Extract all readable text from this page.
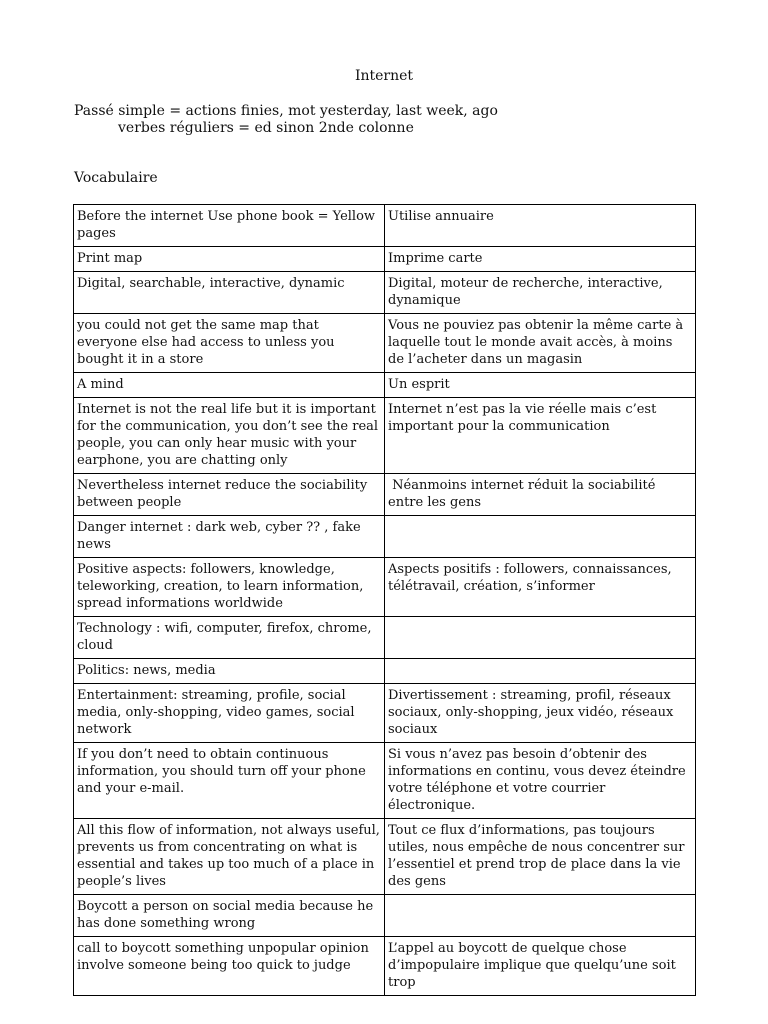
Internet
Passé simple = actions finies, mot yesterday, last week, ago
verbes réguliers = ed sinon 2nde colonne
Vocabulaire
Before the internet Use phone book = Yellow pages	Utilise annuaire
Print map	Imprime carte
Digital, searchable, interactive, dynamic	Digital, moteur de recherche, interactive, dynamique
you could not get the same map that everyone else had access to unless you bought it in a store	Vous ne pouviez pas obtenir la même carte à laquelle tout le monde avait accès, à moins de l’acheter dans un magasin
A mind	Un esprit
Internet is not the real life but it is important for the communication, you don’t see the real people, you can only hear music with your earphone, you are chatting only	Internet n’est pas la vie réelle mais c’est important pour la communication
Nevertheless internet reduce the sociability between people	Néanmoins internet réduit la sociabilité entre les gens
Danger internet : dark web, cyber ?? , fake news	
Positive aspects: followers, knowledge, teleworking, creation, to learn information, spread informations worldwide	Aspects positifs : followers, connaissances, télétravail, création, s’informer
Technology : wifi, computer, firefox, chrome, cloud	
Politics: news, media	
Entertainment: streaming, profile, social media, only-shopping, video games, social network	Divertissement : streaming, profil, réseaux sociaux, only-shopping, jeux vidéo, réseaux sociaux
If you don’t need to obtain continuous information, you should turn off your phone and your e-mail.	Si vous n’avez pas besoin d’obtenir des informations en continu, vous devez éteindre votre téléphone et votre courrier électronique.
All this flow of information, not always useful, prevents us from concentrating on what is essential and takes up too much of a place in people’s lives	Tout ce flux d’informations, pas toujours utiles, nous empêche de nous concentrer sur l’essentiel et prend trop de place dans la vie des gens
Boycott a person on social media because he has done something wrong	
call to boycott something unpopular opinion involve someone being too quick to judge	L’appel au boycott de quelque chose d’impopulaire implique que quelqu’une soit trop
